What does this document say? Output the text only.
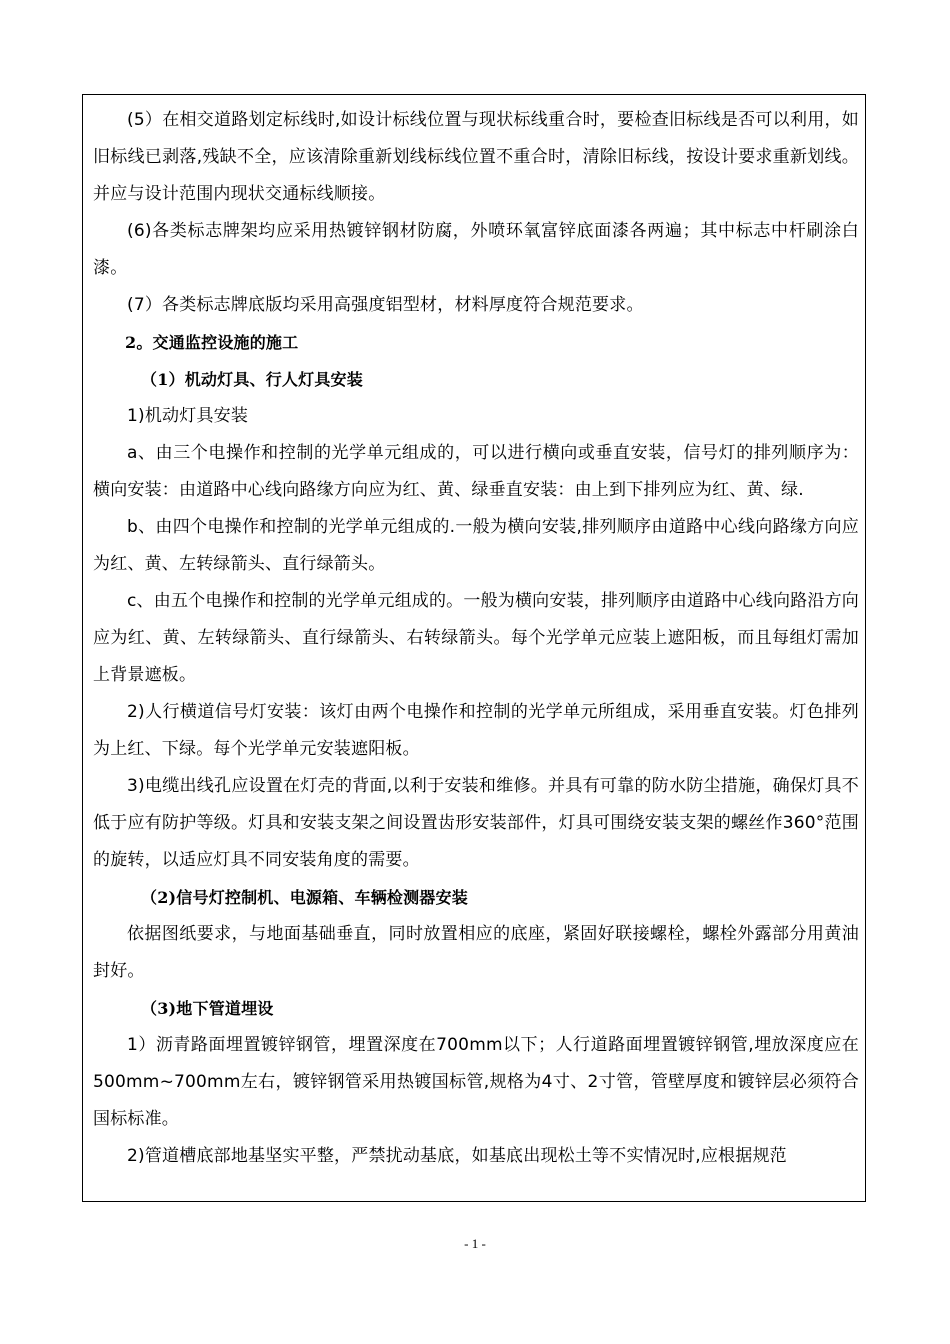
(5）在相交道路划定标线时,如设计标线位置与现状标线重合时，要检查旧标线是否可以利用，如旧标线已剥落,残缺不全，应该清除重新划线标线位置不重合时，清除旧标线，按设计要求重新划线。并应与设计范围内现状交通标线顺接。

(6)各类标志牌架均应采用热镀锌钢材防腐，外喷环氧富锌底面漆各两遍；其中标志中杆刷涂白漆。

(7）各类标志牌底版均采用高强度铝型材，材料厚度符合规范要求。

2。交通监控设施的施工

（1）机动灯具、行人灯具安装

1)机动灯具安装

a、由三个电操作和控制的光学单元组成的，可以进行横向或垂直安装，信号灯的排列顺序为：横向安装：由道路中心线向路缘方向应为红、黄、绿垂直安装：由上到下排列应为红、黄、绿.

b、由四个电操作和控制的光学单元组成的.一般为横向安装,排列顺序由道路中心线向路缘方向应为红、黄、左转绿箭头、直行绿箭头。

c、由五个电操作和控制的光学单元组成的。一般为横向安装，排列顺序由道路中心线向路沿方向应为红、黄、左转绿箭头、直行绿箭头、右转绿箭头。每个光学单元应装上遮阳板，而且每组灯需加上背景遮板。

2)人行横道信号灯安装：该灯由两个电操作和控制的光学单元所组成，采用垂直安装。灯色排列为上红、下绿。每个光学单元安装遮阳板。

3)电缆出线孔应设置在灯壳的背面,以利于安装和维修。并具有可靠的防水防尘措施，确保灯具不低于应有防护等级。灯具和安装支架之间设置齿形安装部件，灯具可围绕安装支架的螺丝作360°范围的旋转，以适应灯具不同安装角度的需要。

（2)信号灯控制机、电源箱、车辆检测器安装

依据图纸要求，与地面基础垂直，同时放置相应的底座，紧固好联接螺栓，螺栓外露部分用黄油封好。

（3)地下管道埋设

1）沥青路面埋置镀锌钢管，埋置深度在700mm以下；人行道路面埋置镀锌钢管,埋放深度应在500mm~700mm左右，镀锌钢管采用热镀国标管,规格为4寸、2寸管，管壁厚度和镀锌层必须符合国标标准。

2)管道槽底部地基坚实平整，严禁扰动基底，如基底出现松土等不实情况时,应根据规范

- 1 -
